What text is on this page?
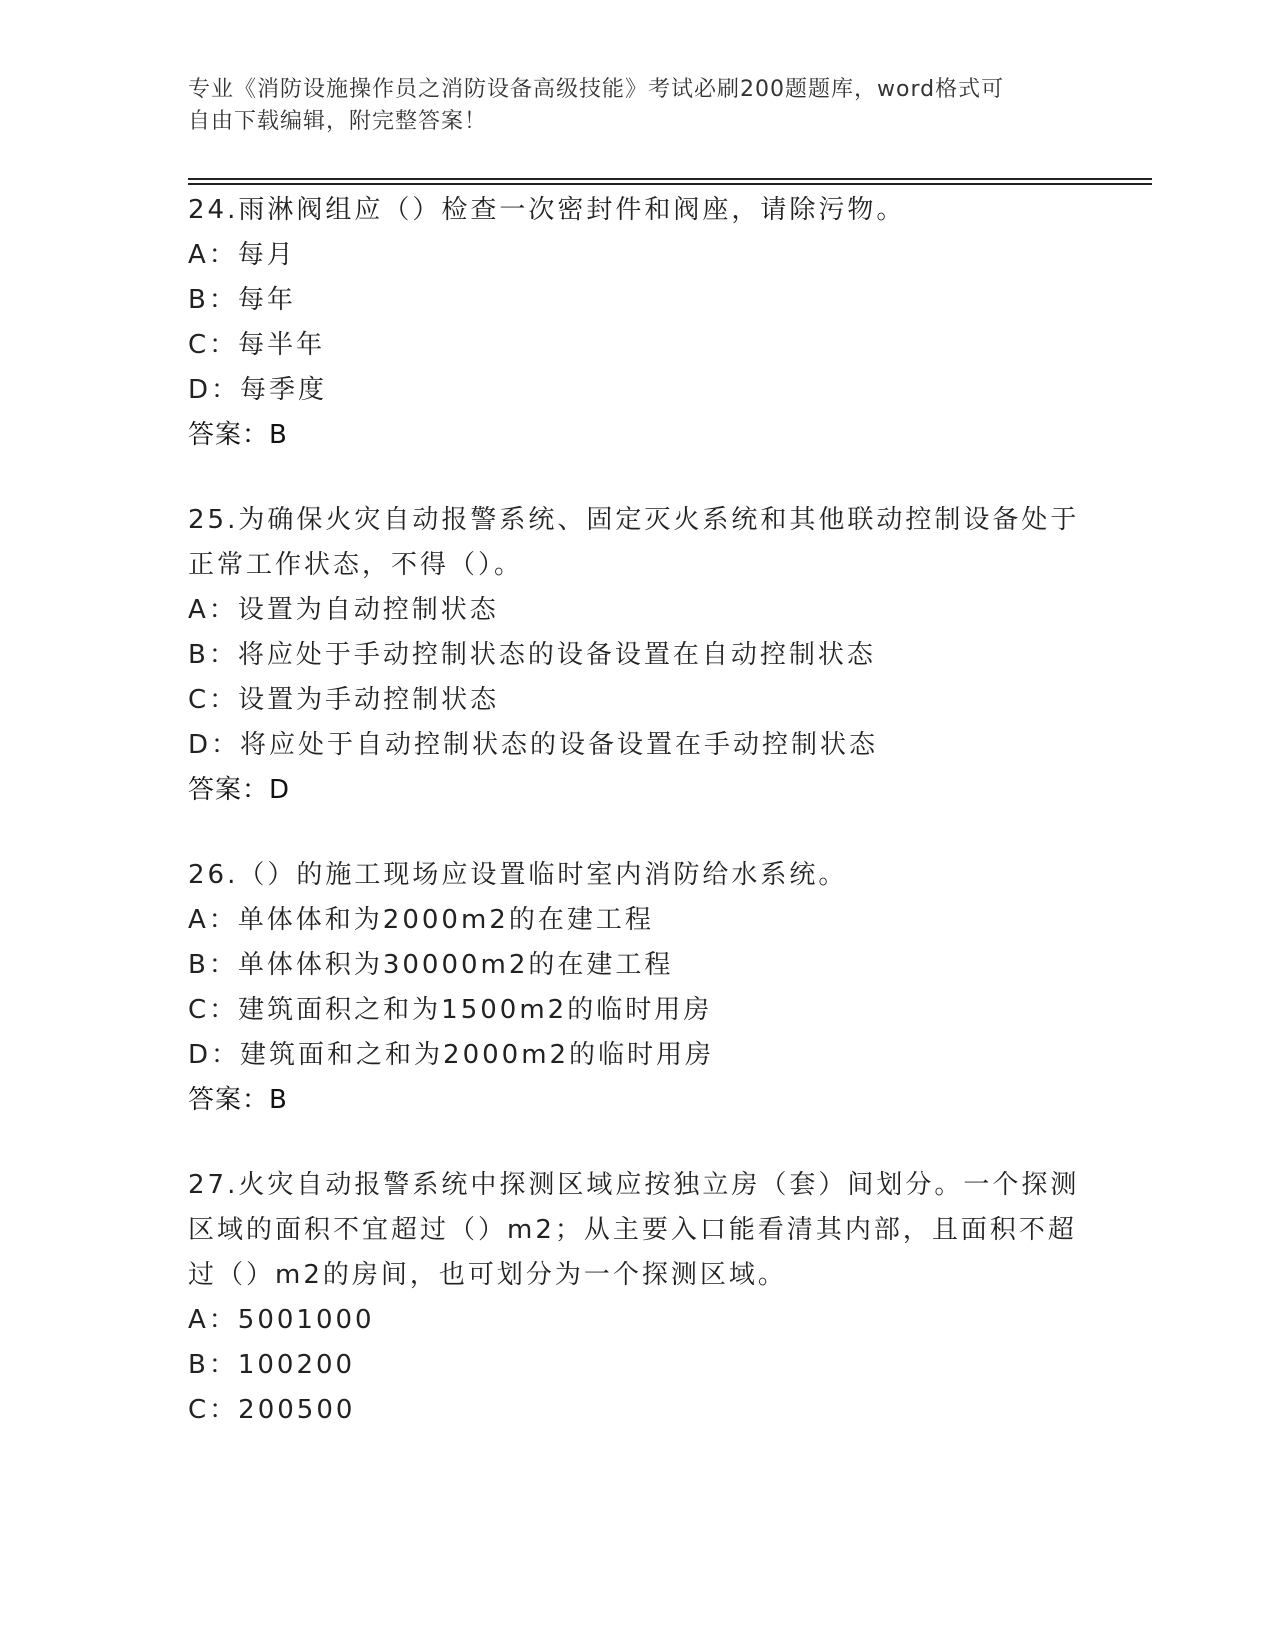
专业《消防设施操作员之消防设备高级技能》考试必刷200题题库，word格式可
自由下载编辑，附完整答案！
24.雨淋阀组应（）检查一次密封件和阀座，请除污物。
A：每月
B：每年
C：每半年
D：每季度
答案：B
25.为确保火灾自动报警系统、固定灭火系统和其他联动控制设备处于
正常工作状态，不得（）。
A：设置为自动控制状态
B：将应处于手动控制状态的设备设置在自动控制状态
C：设置为手动控制状态
D：将应处于自动控制状态的设备设置在手动控制状态
答案：D
26.（）的施工现场应设置临时室内消防给水系统。
A：单体体和为2000m2的在建工程
B：单体体积为30000m2的在建工程
C：建筑面积之和为1500m2的临时用房
D：建筑面和之和为2000m2的临时用房
答案：B
27.火灾自动报警系统中探测区域应按独立房（套）间划分。一个探测
区域的面积不宜超过（）m2；从主要入口能看清其内部，且面积不超
过（）m2的房间，也可划分为一个探测区域。
A：5001000
B：100200
C：200500
